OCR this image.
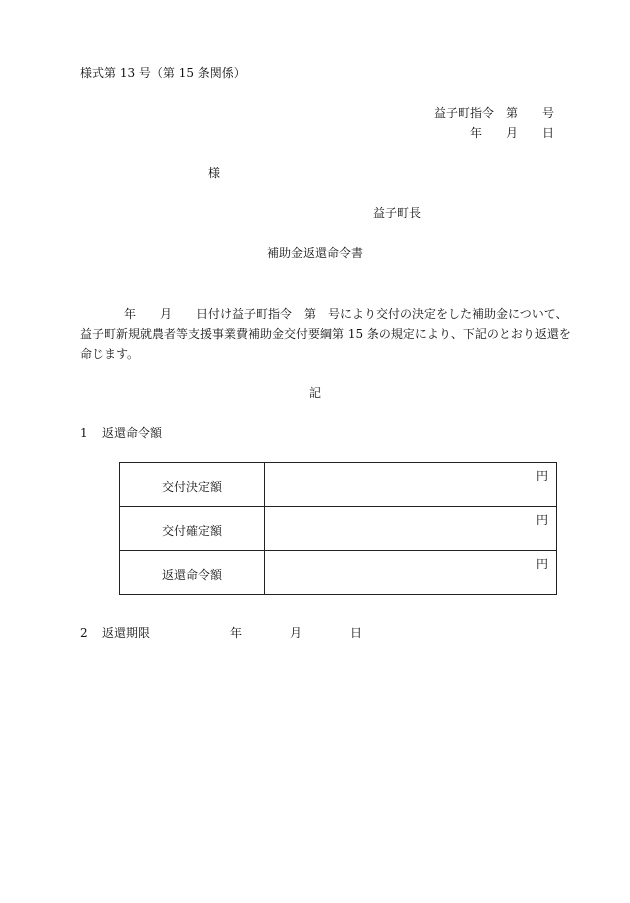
様式第 13 号（第 15 条関係）
益子町指令 第 号
年 月 日
様
益子町長
補助金返還命令書

年 月 日付け益子町指令　第　号により交付の決定をした補助金について、

益子町新規就農者等支援事業費補助金交付要綱第 15 条の規定により、下記のとおり返還を

命じます。

記
1 返還命令額
交付決定額	円
交付確定額	円
返還命令額	円
2 返還期限	年	月	日
